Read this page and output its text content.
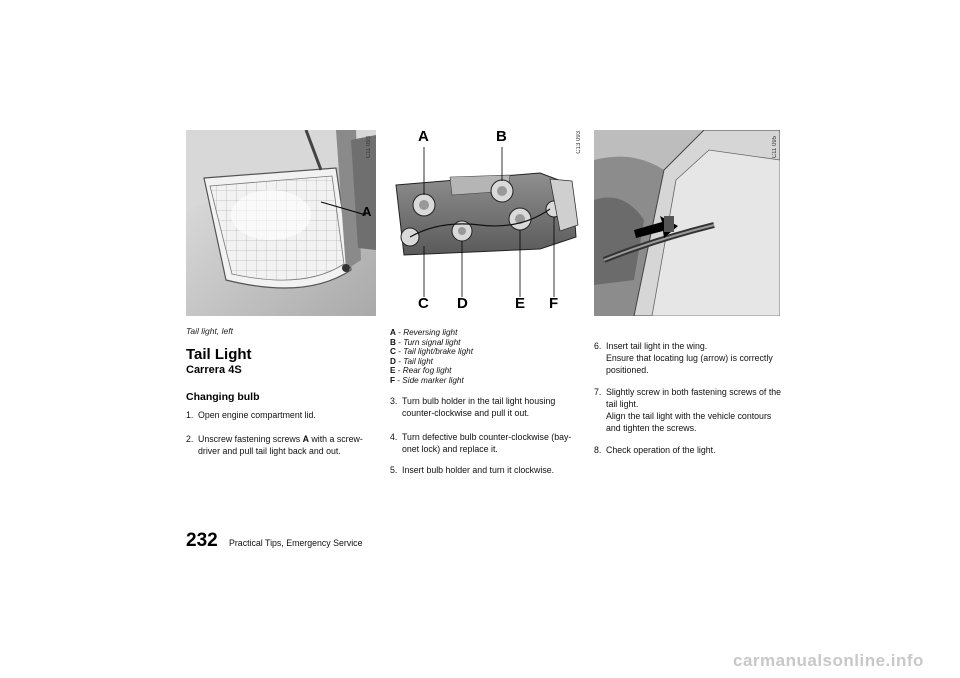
A
C11 093	A	B
C D	E F
C13 093	C11 095
Tail light, left
Tail Light
Carrera 4S
Changing bulb
1. Open engine compartment lid.
2. Unscrew fastening screws A with a screw-
driver and pull tail light back and out.
A - Reversing light
B - Turn signal light
C - Tail light/brake light
D - Tail light
E - Rear fog light
F - Side marker light
3. Turn bulb holder in the tail light housing
counter-clockwise and pull it out.
4. Turn defective bulb counter-clockwise (bay-
onet lock) and replace it.
5. Insert bulb holder and turn it clockwise.
6. Insert tail light in the wing.
Ensure that locating lug (arrow) is correctly
positioned.
7. Slightly screw in both fastening screws of the
tail light.
Align the tail light with the vehicle contours
and tighten the screws.
8. Check operation of the light.
232 Practical Tips, Emergency Service
carmanualsonline.info
